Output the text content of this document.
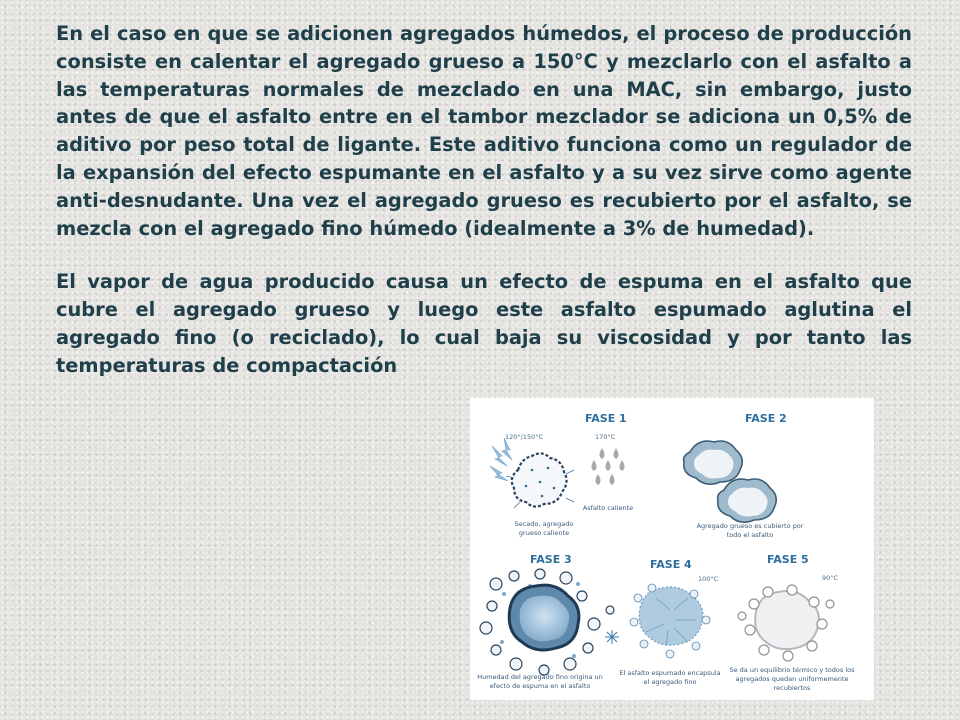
En el caso en que se adicionen agregados húmedos, el proceso de producción consiste en calentar el agregado grueso a 150°C y mezclarlo con el asfalto a las temperaturas normales de mezclado en una MAC, sin embargo, justo antes de que el asfalto entre en el tambor mezclador se adiciona un 0,5% de aditivo por peso total de ligante. Este aditivo funciona como un regulador de la expansión del efecto espumante en el asfalto y a su vez sirve como agente anti-desnudante. Una vez el agregado grueso es recubierto por el asfalto, se mezcla con el agregado fino húmedo (idealmente a 3% de humedad).

El vapor de agua producido causa un efecto de espuma en el asfalto que cubre el agregado grueso y luego este asfalto espumado aglutina el agregado fino (o reciclado), lo cual baja su viscosidad y por tanto las temperaturas de compactación

FASE 1
120°/150°C	170°C
Secado, agregado
grueso caliente
Asfalto caliente
FASE 2
Agregado grueso es cubierto por
todo el asfalto
FASE 3
Humedad del agregado fino origina un
efecto de espuma en el asfalto
FASE 4
100°C
El asfalto espumado encapsula
el agregado fino
FASE 5
90°C
Se da un equilibrio térmico y todos los
agregados quedan uniformemente
recubiertos
